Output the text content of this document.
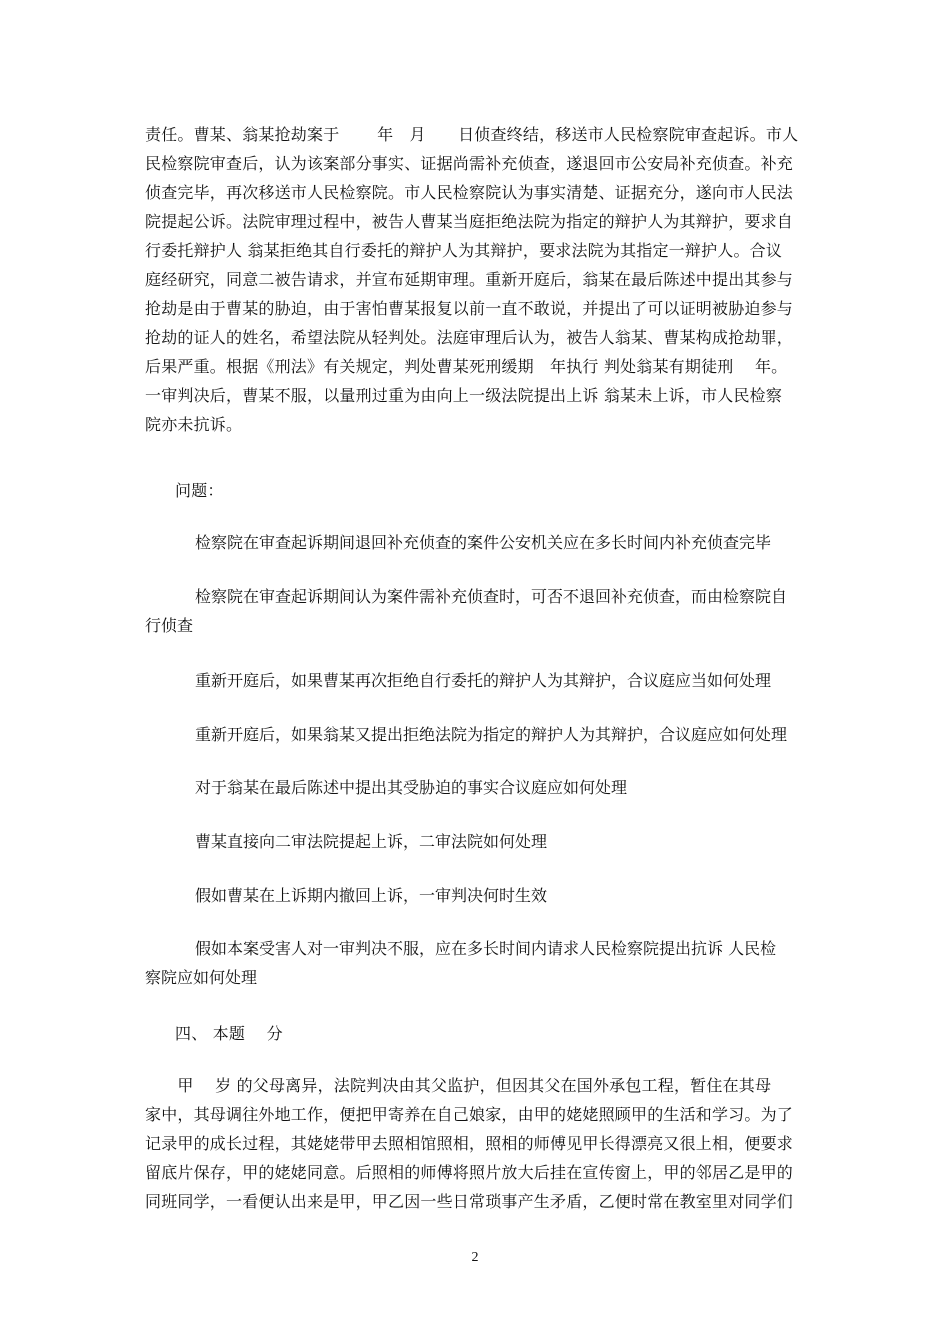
责任。曹某、翁某抢劫案于 　　年　月　　日侦查终结，移送市人民检察院审查起诉。市人
民检察院审查后，认为该案部分事实、证据尚需补充侦查，遂退回市公安局补充侦查。补充
侦查完毕，再次移送市人民检察院。市人民检察院认为事实清楚、证据充分，遂向市人民法
院提起公诉。法院审理过程中，被告人曹某当庭拒绝法院为指定的辩护人为其辩护，要求自
行委托辩护人 翁某拒绝其自行委托的辩护人为其辩护，要求法院为其指定一辩护人。合议
庭经研究，同意二被告请求，并宣布延期审理。重新开庭后，翁某在最后陈述中提出其参与
抢劫是由于曹某的胁迫，由于害怕曹某报复以前一直不敢说，并提出了可以证明被胁迫参与
抢劫的证人的姓名，希望法院从轻判处。法庭审理后认为，被告人翁某、曹某构成抢劫罪，
后果严重。根据《刑法》有关规定，判处曹某死刑缓期　年执行 判处翁某有期徒刑　 年。
一审判决后，曹某不服，以量刑过重为由向上一级法院提出上诉 翁某未上诉，市人民检察
院亦未抗诉。
问题：
检察院在审查起诉期间退回补充侦查的案件公安机关应在多长时间内补充侦查完毕
检察院在审查起诉期间认为案件需补充侦查时，可否不退回补充侦查，而由检察院自
行侦查
重新开庭后，如果曹某再次拒绝自行委托的辩护人为其辩护，合议庭应当如何处理
重新开庭后，如果翁某又提出拒绝法院为指定的辩护人为其辩护，合议庭应如何处理
对于翁某在最后陈述中提出其受胁迫的事实合议庭应如何处理
曹某直接向二审法院提起上诉，二审法院如何处理
假如曹某在上诉期内撤回上诉，一审判决何时生效
假如本案受害人对一审判决不服，应在多长时间内请求人民检察院提出抗诉 人民检
察院应如何处理
四、 本题　 分
　　甲　 岁 的父母离异，法院判决由其父监护，但因其父在国外承包工程，暂住在其母
家中，其母调往外地工作，便把甲寄养在自己娘家，由甲的姥姥照顾甲的生活和学习。为了
记录甲的成长过程，其姥姥带甲去照相馆照相，照相的师傅见甲长得漂亮又很上相，便要求
留底片保存，甲的姥姥同意。后照相的师傅将照片放大后挂在宣传窗上，甲的邻居乙是甲的
同班同学，一看便认出来是甲，甲乙因一些日常琐事产生矛盾，乙便时常在教室里对同学们
2
